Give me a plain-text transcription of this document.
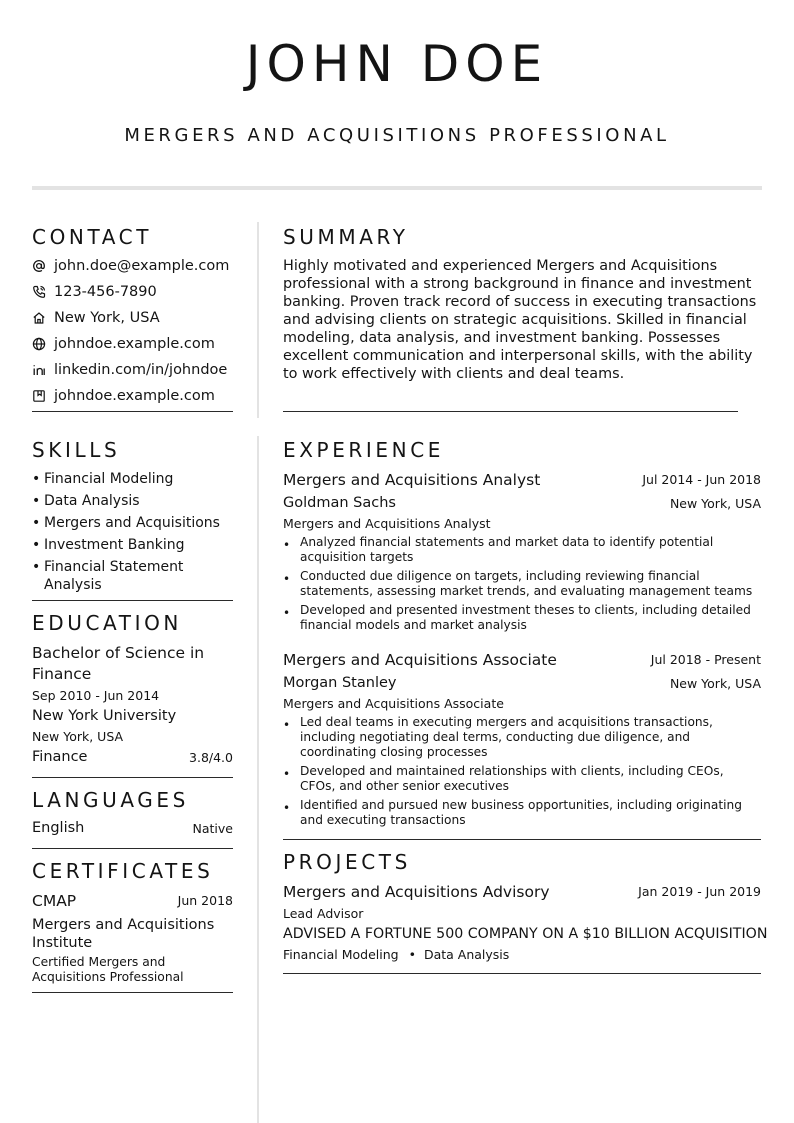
JOHN DOE
MERGERS AND ACQUISITIONS PROFESSIONAL
CONTACT
john.doe@example.com
123-456-7890
New York, USA
johndoe.example.com
linkedin.com/in/johndoe
johndoe.example.com
SKILLS
• Financial Modeling
• Data Analysis
• Mergers and Acquisitions
• Investment Banking
• Financial Statement Analysis
EDUCATION
Bachelor of Science in Finance
Sep 2010 - Jun 2014
New York University
New York, USA
Finance	3.8/4.0
LANGUAGES
English	Native
CERTIFICATES
CMAP	Jun 2018
Mergers and Acquisitions Institute
Certified Mergers and Acquisitions Professional
SUMMARY
Highly motivated and experienced Mergers and Acquisitions professional with a strong background in finance and investment banking. Proven track record of success in executing transactions and advising clients on strategic acquisitions. Skilled in financial modeling, data analysis, and investment banking. Possesses excellent communication and interpersonal skills, with the ability to work effectively with clients and deal teams.
EXPERIENCE
Mergers and Acquisitions Analyst	Jul 2014 - Jun 2018
Goldman Sachs	New York, USA
Mergers and Acquisitions Analyst
• Analyzed financial statements and market data to identify potential acquisition targets
• Conducted due diligence on targets, including reviewing financial statements, assessing market trends, and evaluating management teams
• Developed and presented investment theses to clients, including detailed financial models and market analysis
Mergers and Acquisitions Associate	Jul 2018 - Present
Morgan Stanley	New York, USA
Mergers and Acquisitions Associate
• Led deal teams in executing mergers and acquisitions transactions, including negotiating deal terms, conducting due diligence, and coordinating closing processes
• Developed and maintained relationships with clients, including CEOs, CFOs, and other senior executives
• Identified and pursued new business opportunities, including originating and executing transactions
PROJECTS
Mergers and Acquisitions Advisory	Jan 2019 - Jun 2019
Lead Advisor
ADVISED A FORTUNE 500 COMPANY ON A $10 BILLION ACQUISITION
Financial Modeling • Data Analysis
